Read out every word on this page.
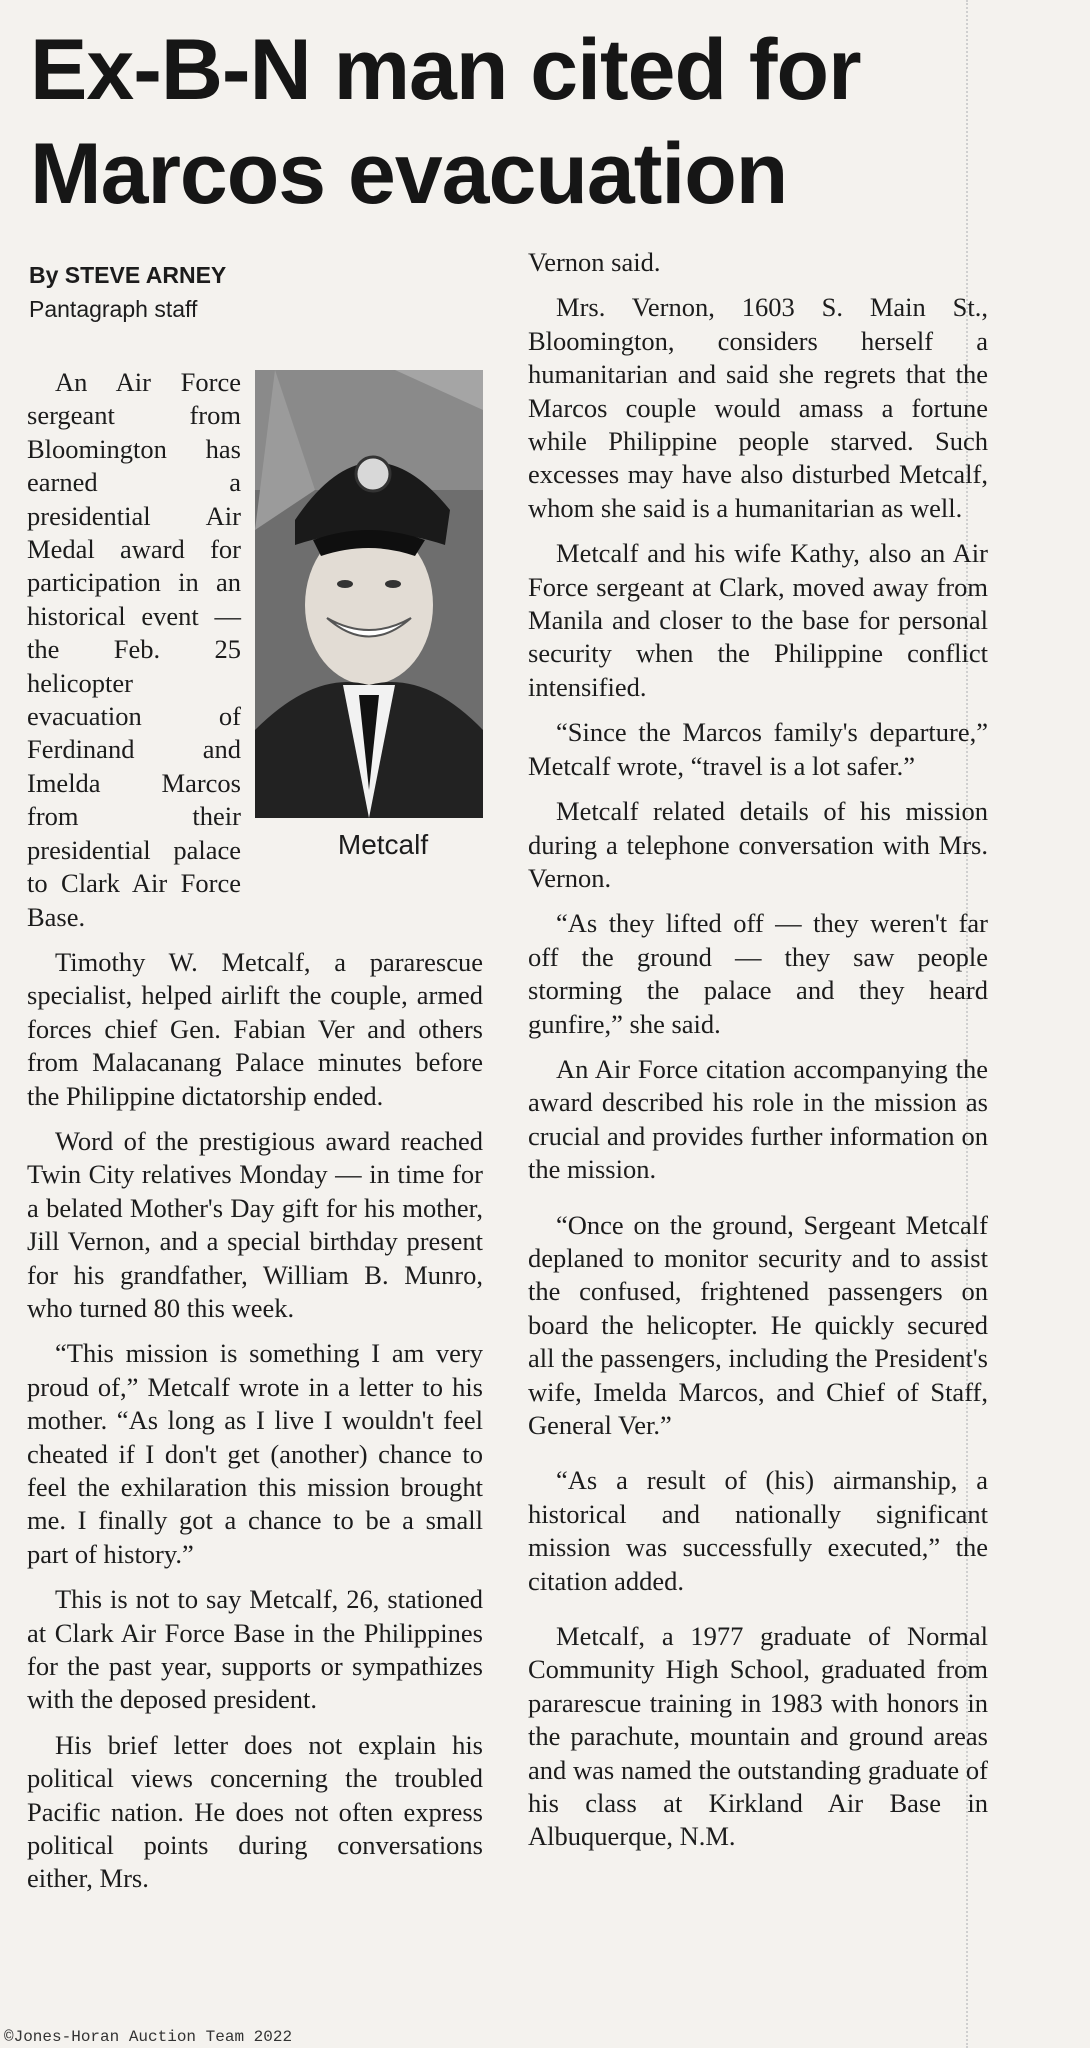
Ex-B-N man cited for
Marcos evacuation
By STEVE ARNEY
Pantagraph staff

Metcalf
An Air Force sergeant from Bloomington has earned a presidential Air Medal award for participation in an historical event — the Feb. 25 helicopter evacuation of Ferdinand and Imelda Marcos from their presidential palace to Clark Air Force Base.

Timothy W. Metcalf, a pararescue specialist, helped airlift the couple, armed forces chief Gen. Fabian Ver and others from Malacanang Palace minutes before the Philippine dictatorship ended.

Word of the prestigious award reached Twin City relatives Monday — in time for a belated Mother's Day gift for his mother, Jill Vernon, and a special birthday present for his grandfather, William B. Munro, who turned 80 this week.

“This mission is something I am very proud of,” Metcalf wrote in a letter to his mother. “As long as I live I wouldn't feel cheated if I don't get (another) chance to feel the exhilaration this mission brought me. I finally got a chance to be a small part of history.”

This is not to say Metcalf, 26, stationed at Clark Air Force Base in the Philippines for the past year, supports or sympathizes with the deposed president.

His brief letter does not explain his political views concerning the troubled Pacific nation. He does not often express political points during conversations either, Mrs.

Vernon said.

Mrs. Vernon, 1603 S. Main St., Bloomington, considers herself a humanitarian and said she regrets that the Marcos couple would amass a fortune while Philippine people starved. Such excesses may have also disturbed Metcalf, whom she said is a humanitarian as well.

Metcalf and his wife Kathy, also an Air Force sergeant at Clark, moved away from Manila and closer to the base for personal security when the Philippine conflict intensified.

“Since the Marcos family's departure,” Metcalf wrote, “travel is a lot safer.”

Metcalf related details of his mission during a telephone conversation with Mrs. Vernon.

“As they lifted off — they weren't far off the ground — they saw people storming the palace and they heard gunfire,” she said.

An Air Force citation accompanying the award described his role in the mission as crucial and provides further information on the mission.

“Once on the ground, Sergeant Metcalf deplaned to monitor security and to assist the confused, frightened passengers on board the helicopter. He quickly secured all the passengers, including the President's wife, Imelda Marcos, and Chief of Staff, General Ver.”

“As a result of (his) airmanship, a historical and nationally significant mission was successfully executed,” the citation added.

Metcalf, a 1977 graduate of Normal Community High School, graduated from pararescue training in 1983 with honors in the parachute, mountain and ground areas and was named the outstanding graduate of his class at Kirkland Air Base in Albuquerque, N.M.

©Jones-Horan Auction Team 2022
